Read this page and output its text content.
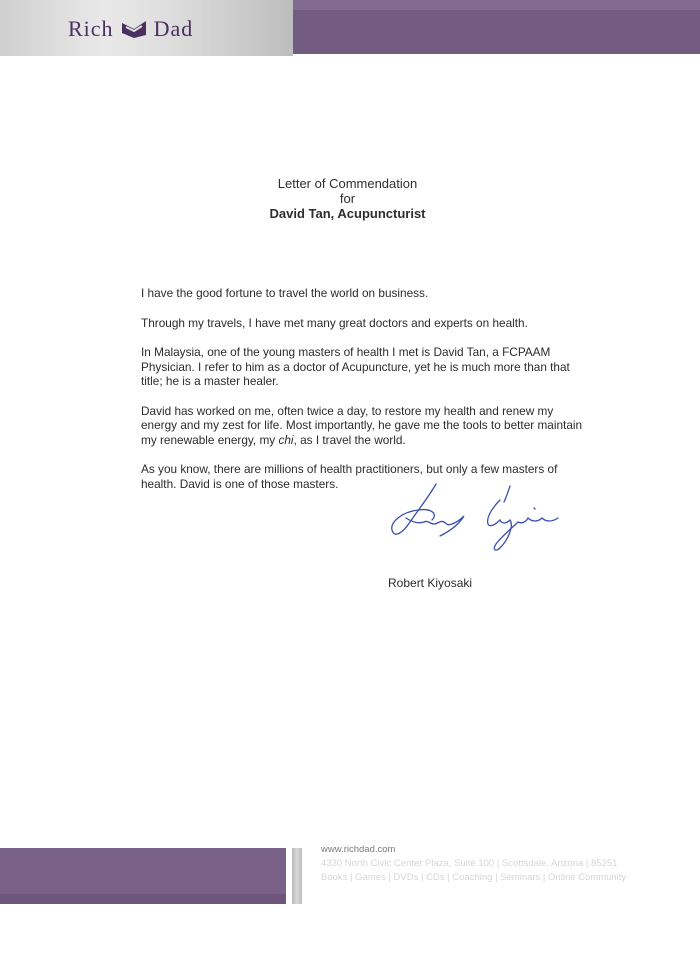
Rich Dad
Letter of Commendation
for
David Tan, Acupuncturist

I have the good fortune to travel the world on business.

Through my travels, I have met many great doctors and experts on health.

In Malaysia, one of the young masters of health I met is David Tan, a FCPAAM Physician. I refer to him as a doctor of Acupuncture, yet he is much more than that title; he is a master healer.

David has worked on me, often twice a day, to restore my health and renew my energy and my zest for life. Most importantly, he gave me the tools to better maintain my renewable energy, my chi, as I travel the world.

As you know, there are millions of health practitioners, but only a few masters of health. David is one of those masters.

Robert Kiyosaki
www.richdad.com
4330 North Civic Center Plaza, Suite 100 | Scottsdale, Arizona | 85251
Books | Games | DVDs | CDs | Coaching | Seminars | Online Community
